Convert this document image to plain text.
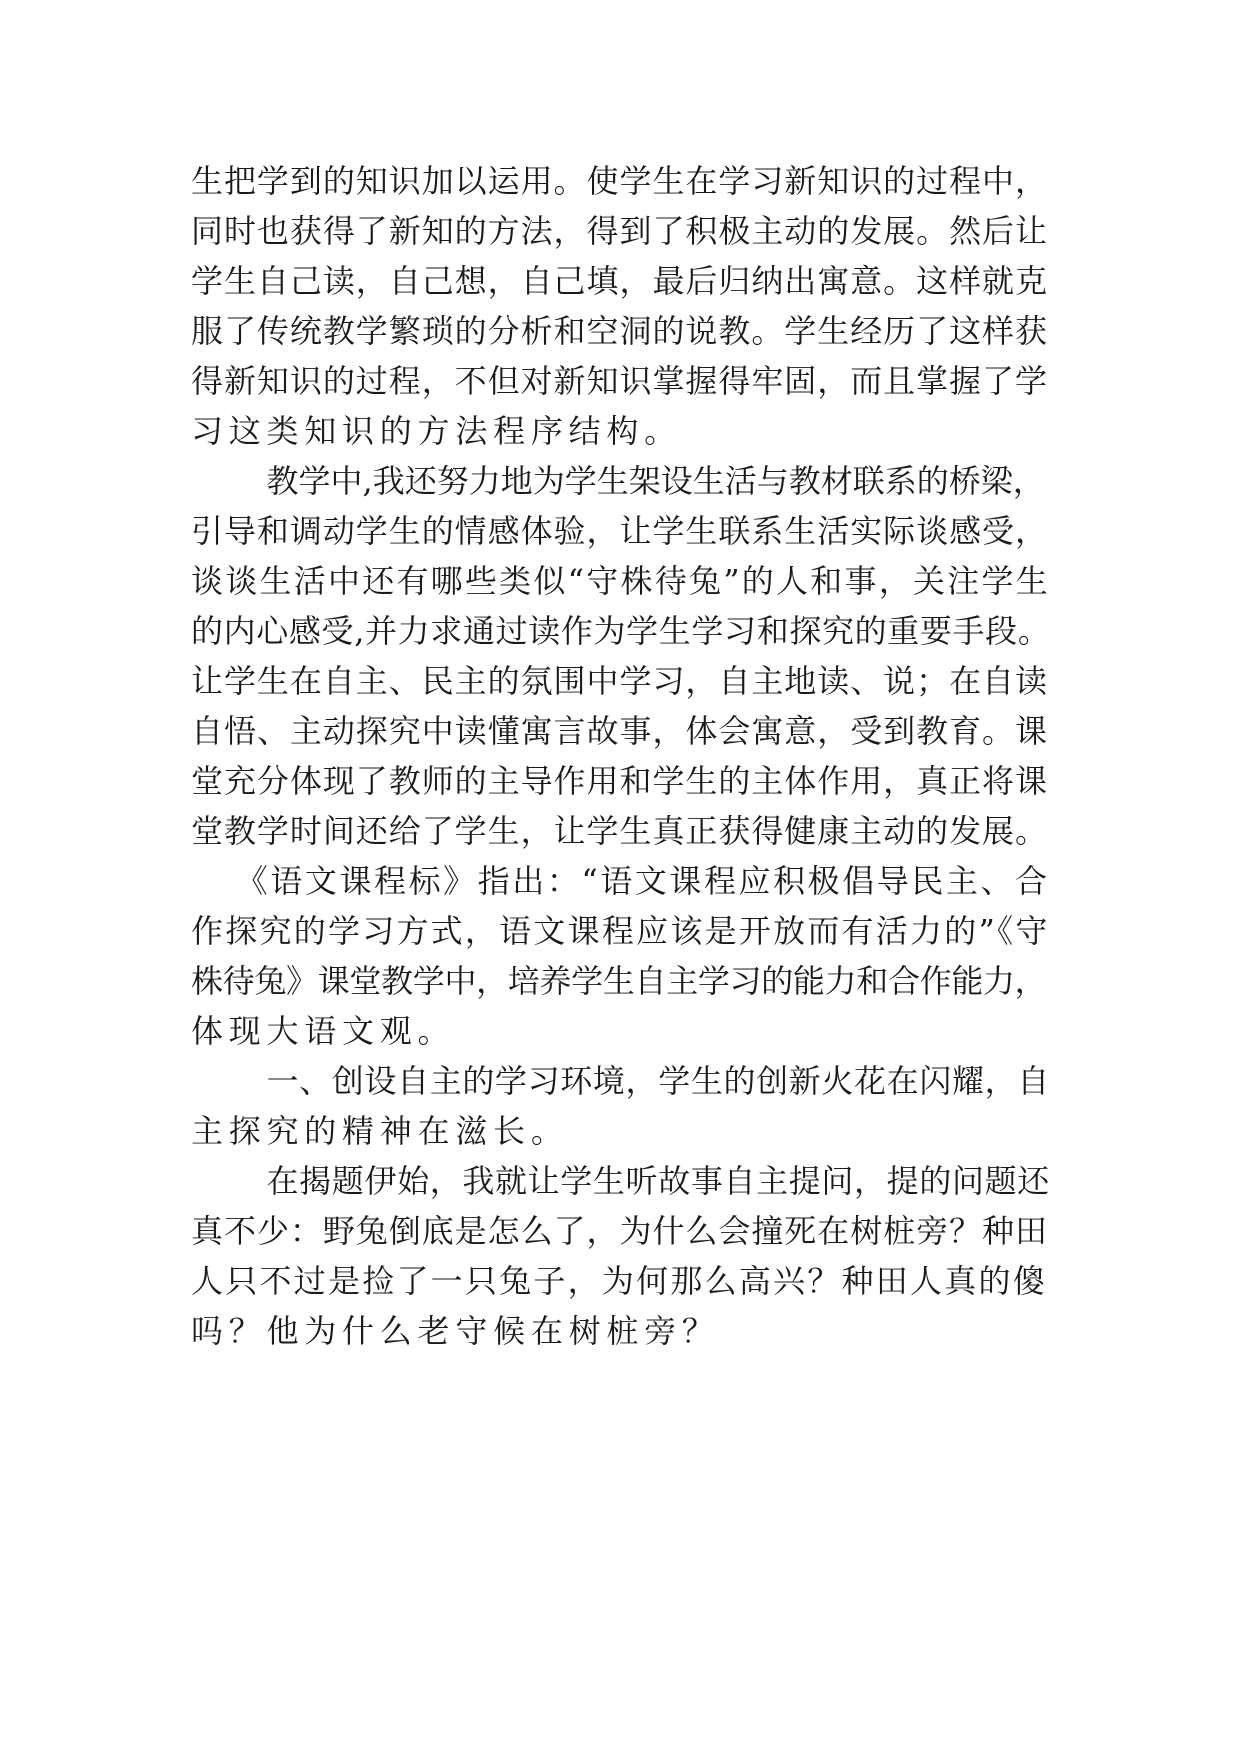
生把学到的知识加以运用。使学生在学习新知识的过程中，
同时也获得了新知的方法，得到了积极主动的发展。然后让
学生自己读，自己想，自己填，最后归纳出寓意。这样就克
服了传统教学繁琐的分析和空洞的说教。学生经历了这样获
得新知识的过程，不但对新知识掌握得牢固，而且掌握了学
习这类知识的方法程序结构。

教学中,我还努力地为学生架设生活与教材联系的桥梁，
引导和调动学生的情感体验，让学生联系生活实际谈感受，
谈谈生活中还有哪些类似“守株待兔”的人和事，关注学生
的内心感受,并力求通过读作为学生学习和探究的重要手段。
让学生在自主、民主的氛围中学习，自主地读、说；在自读
自悟、主动探究中读懂寓言故事，体会寓意，受到教育。课
堂充分体现了教师的主导作用和学生的主体作用，真正将课
堂教学时间还给了学生，让学生真正获得健康主动的发展。

《语文课程标》指出：“语文课程应积极倡导民主、合
作探究的学习方式，语文课程应该是开放而有活力的”《守
株待兔》课堂教学中，培养学生自主学习的能力和合作能力，
体现大语文观。

一、创设自主的学习环境，学生的创新火花在闪耀，自
主探究的精神在滋长。

在揭题伊始，我就让学生听故事自主提问，提的问题还
真不少：野兔倒底是怎么了，为什么会撞死在树桩旁？种田
人只不过是捡了一只兔子，为何那么高兴？种田人真的傻
吗？他为什么老守候在树桩旁？
